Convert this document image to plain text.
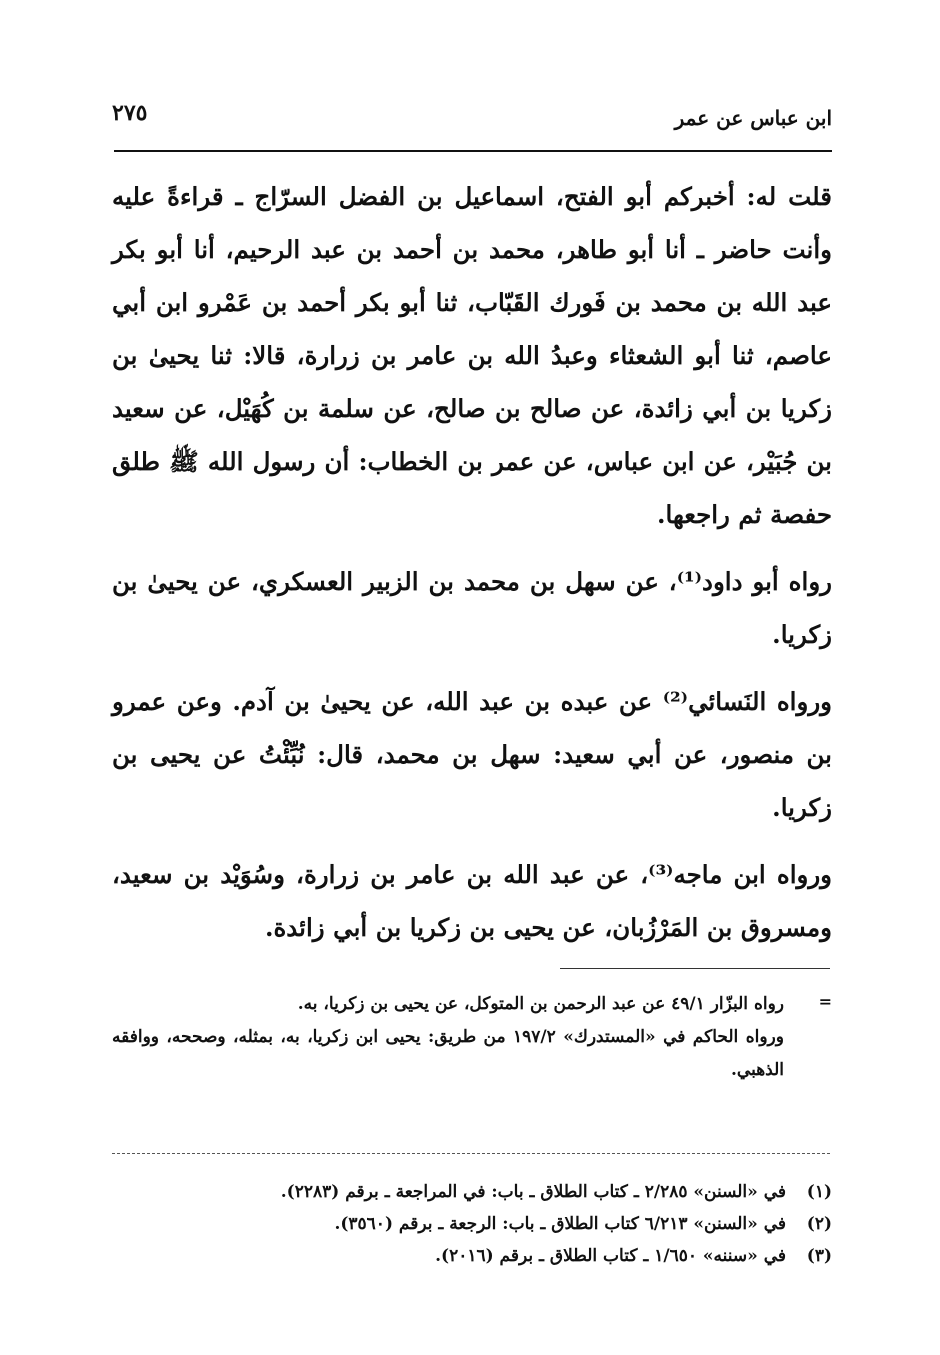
ابن عباس عن عمر
٢٧٥

قلت له: أخبركم أبو الفتح، اسماعيل بن الفضل السرّاج ـ قراءةً عليه وأنت حاضر ـ أنا أبو طاهر، محمد بن أحمد بن عبد الرحيم، أنا أبو بكر عبد الله بن محمد بن فَورك القَبّاب، ثنا أبو بكر أحمد بن عَمْرو ابن أبي عاصم، ثنا أبو الشعثاء وعبدُ الله بن عامر بن زرارة، قالا: ثنا يحيىٰ بن زكريا بن أبي زائدة، عن صالح بن صالح، عن سلمة بن كُهَيْل، عن سعيد بن جُبَيْر، عن ابن عباس، عن عمر بن الخطاب: أن رسول الله ﷺ طلق حفصة ثم راجعها.

رواه أبو داود⁽¹⁾، عن سهل بن محمد بن الزبير العسكري، عن يحيىٰ بن زكريا.

ورواه النَسائي⁽²⁾ عن عبده بن عبد الله، عن يحيىٰ بن آدم. وعن عمرو بن منصور، عن أبي سعيد: سهل بن محمد، قال: نُبِّئْتُ عن يحيى بن زكريا.

ورواه ابن ماجه⁽³⁾، عن عبد الله بن عامر بن زرارة، وسُوَيْد بن سعيد، ومسروق بن المَرْزُبان، عن يحيى بن زكريا بن أبي زائدة.

=

رواه البزّار ٤٩/١ عن عبد الرحمن بن المتوكل، عن يحيى بن زكريا، به.

ورواه الحاكم في «المستدرك» ١٩٧/٢ من طريق: يحيى ابن زكريا، به، بمثله، وصححه، ووافقه الذهبي.

(١)
في «السنن» ٢/٢٨٥ ـ كتاب الطلاق ـ باب: في المراجعة ـ برقم (٢٢٨٣).
(٢)
في «السنن» ٦/٢١٣ كتاب الطلاق ـ باب: الرجعة ـ برقم (٣٥٦٠).
(٣)
في «سننه» ١/٦٥٠ ـ كتاب الطلاق ـ برقم (٢٠١٦).
